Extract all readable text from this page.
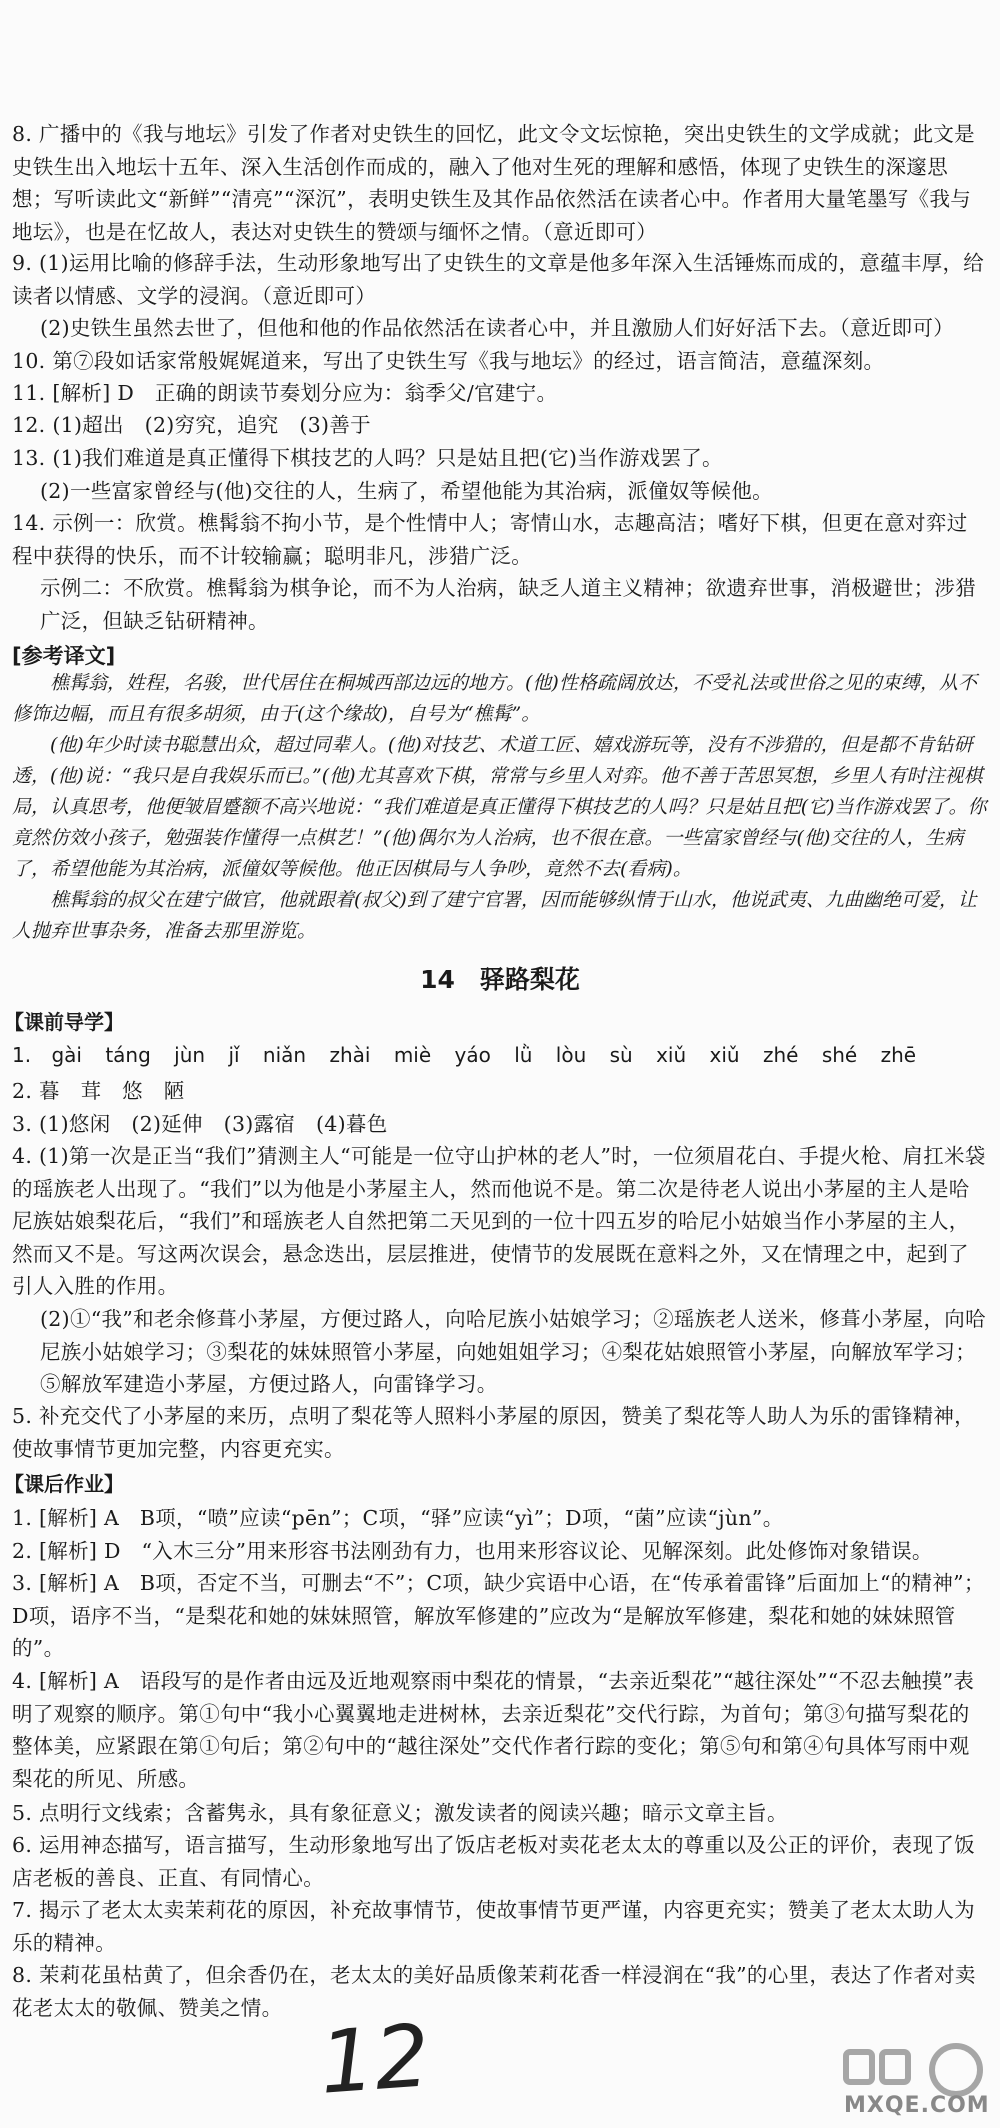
8. 广播中的《我与地坛》引发了作者对史铁生的回忆，此文令文坛惊艳，突出史铁生的文学成就；此文是史铁生出入地坛十五年、深入生活创作而成的，融入了他对生死的理解和感悟，体现了史铁生的深邃思想；写听读此文“新鲜”“清亮”“深沉”，表明史铁生及其作品依然活在读者心中。作者用大量笔墨写《我与地坛》，也是在忆故人，表达对史铁生的赞颂与缅怀之情。（意近即可）
9. (1)运用比喻的修辞手法，生动形象地写出了史铁生的文章是他多年深入生活锤炼而成的，意蕴丰厚，给读者以情感、文学的浸润。（意近即可）
(2)史铁生虽然去世了，但他和他的作品依然活在读者心中，并且激励人们好好活下去。（意近即可）
10. 第⑦段如话家常般娓娓道来，写出了史铁生写《我与地坛》的经过，语言简洁，意蕴深刻。
11. [解析] D　正确的朗读节奏划分应为：翁季父/官建宁。
12. (1)超出　(2)穷究，追究　(3)善于
13. (1)我们难道是真正懂得下棋技艺的人吗？只是姑且把(它)当作游戏罢了。
(2)一些富家曾经与(他)交往的人，生病了，希望他能为其治病，派僮奴等候他。
14. 示例一：欣赏。樵髯翁不拘小节，是个性情中人；寄情山水，志趣高洁；嗜好下棋，但更在意对弈过程中获得的快乐，而不计较输赢；聪明非凡，涉猎广泛。
示例二：不欣赏。樵髯翁为棋争论，而不为人治病，缺乏人道主义精神；欲遗弃世事，消极避世；涉猎广泛，但缺乏钻研精神。
[参考译文]
樵髯翁，姓程，名骏，世代居住在桐城西部边远的地方。(他)性格疏阔放达，不受礼法或世俗之见的束缚，从不修饰边幅，而且有很多胡须，由于(这个缘故)，自号为“樵髯”。
(他)年少时读书聪慧出众，超过同辈人。(他)对技艺、术道工匠、嬉戏游玩等，没有不涉猎的，但是都不肯钻研透，(他)说：“我只是自我娱乐而已。”(他)尤其喜欢下棋，常常与乡里人对弈。他不善于苦思冥想，乡里人有时注视棋局，认真思考，他便皱眉蹙额不高兴地说：“我们难道是真正懂得下棋技艺的人吗？只是姑且把(它)当作游戏罢了。你竟然仿效小孩子，勉强装作懂得一点棋艺！”(他)偶尔为人治病，也不很在意。一些富家曾经与(他)交往的人，生病了，希望他能为其治病，派僮奴等候他。他正因棋局与人争吵，竟然不去(看病)。
樵髯翁的叔父在建宁做官，他就跟着(叔父)到了建宁官署，因而能够纵情于山水，他说武夷、九曲幽绝可爱，让人抛弃世事杂务，准备去那里游览。
14　驿路梨花
【课前导学】
1. gài táng jùn jǐ niǎn zhài miè yáo lǜ lòu sù xiǔ xiǔ zhé shé zhē
2. 暮　茸　悠　陋
3. (1)悠闲　(2)延伸　(3)露宿　(4)暮色
4. (1)第一次是正当“我们”猜测主人“可能是一位守山护林的老人”时，一位须眉花白、手提火枪、肩扛米袋的瑶族老人出现了。“我们”以为他是小茅屋主人，然而他说不是。第二次是待老人说出小茅屋的主人是哈尼族姑娘梨花后，“我们”和瑶族老人自然把第二天见到的一位十四五岁的哈尼小姑娘当作小茅屋的主人，然而又不是。写这两次误会，悬念迭出，层层推进，使情节的发展既在意料之外，又在情理之中，起到了引人入胜的作用。
(2)①“我”和老余修葺小茅屋，方便过路人，向哈尼族小姑娘学习；②瑶族老人送米，修葺小茅屋，向哈尼族小姑娘学习；③梨花的妹妹照管小茅屋，向她姐姐学习；④梨花姑娘照管小茅屋，向解放军学习；⑤解放军建造小茅屋，方便过路人，向雷锋学习。
5. 补充交代了小茅屋的来历，点明了梨花等人照料小茅屋的原因，赞美了梨花等人助人为乐的雷锋精神，使故事情节更加完整，内容更充实。
【课后作业】
1. [解析] A　B项，“喷”应读“pēn”；C项，“驿”应读“yì”；D项，“菌”应读“jùn”。
2. [解析] D　“入木三分”用来形容书法刚劲有力，也用来形容议论、见解深刻。此处修饰对象错误。
3. [解析] A　B项，否定不当，可删去“不”；C项，缺少宾语中心语，在“传承着雷锋”后面加上“的精神”；D项，语序不当，“是梨花和她的妹妹照管，解放军修建的”应改为“是解放军修建，梨花和她的妹妹照管的”。
4. [解析] A　语段写的是作者由远及近地观察雨中梨花的情景，“去亲近梨花”“越往深处”“不忍去触摸”表明了观察的顺序。第①句中“我小心翼翼地走进树林，去亲近梨花”交代行踪，为首句；第③句描写梨花的整体美，应紧跟在第①句后；第②句中的“越往深处”交代作者行踪的变化；第⑤句和第④句具体写雨中观梨花的所见、所感。
5. 点明行文线索；含蓄隽永，具有象征意义；激发读者的阅读兴趣；暗示文章主旨。
6. 运用神态描写，语言描写，生动形象地写出了饭店老板对卖花老太太的尊重以及公正的评价，表现了饭店老板的善良、正直、有同情心。
7. 揭示了老太太卖茉莉花的原因，补充故事情节，使故事情节更严谨，内容更充实；赞美了老太太助人为乐的精神。
8. 茉莉花虽枯黄了，但余香仍在，老太太的美好品质像茉莉花香一样浸润在“我”的心里，表达了作者对卖花老太太的敬佩、赞美之情。 12	MXQE.COM
